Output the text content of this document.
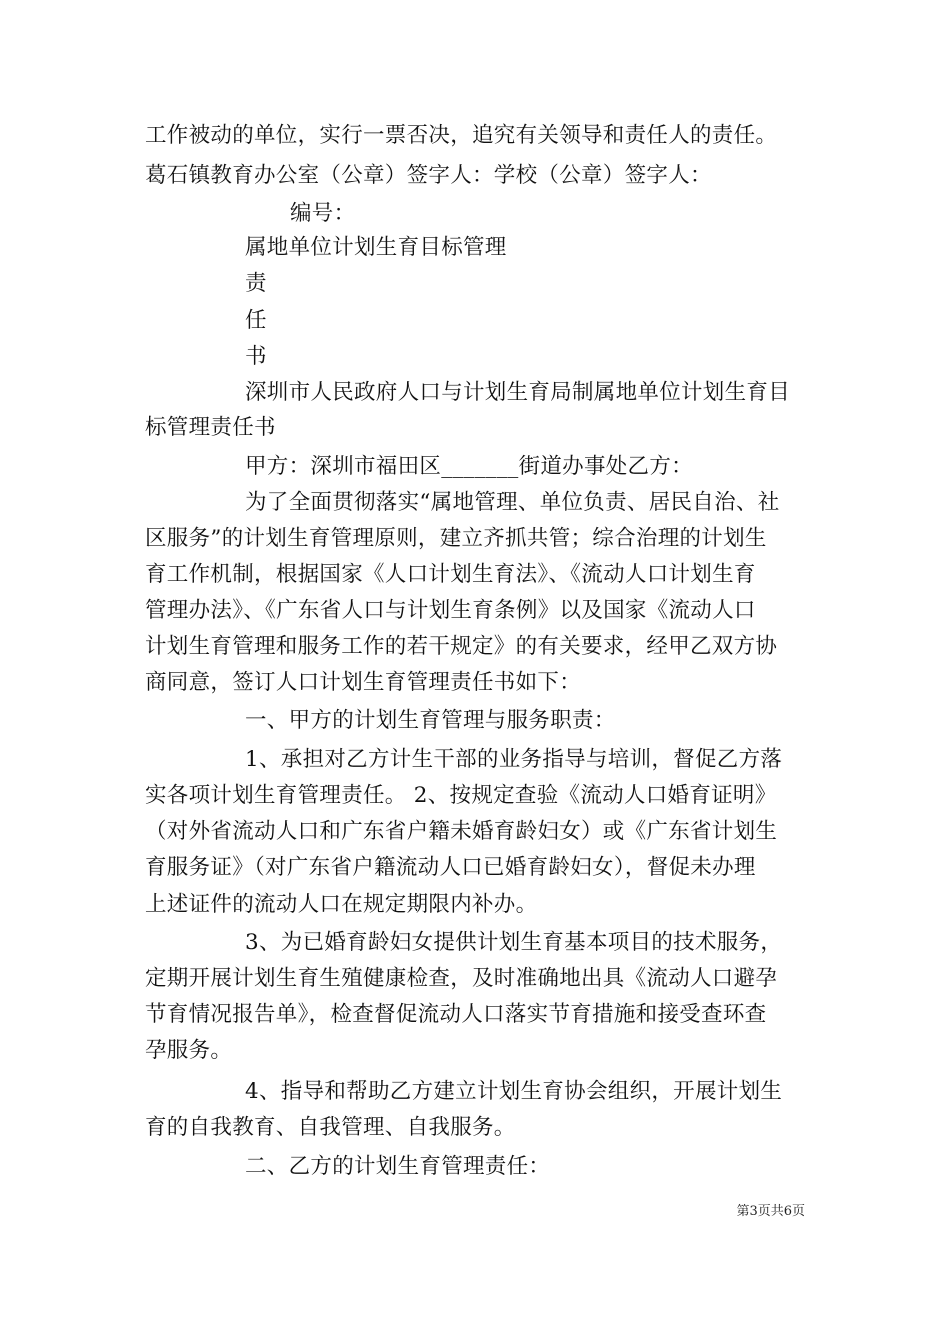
工作被动的单位，实行一票否决，追究有关领导和责任人的责任。
葛石镇教育办公室（公章）签字人：学校（公章）签字人：
编号：
属地单位计划生育目标管理
责
任
书
深圳市人民政府人口与计划生育局制属地单位计划生育目
标管理责任书
甲方：深圳市福田区_______街道办事处乙方：
为了全面贯彻落实“属地管理、单位负责、居民自治、社
区服务”的计划生育管理原则，建立齐抓共管；综合治理的计划生
育工作机制，根据国家《人口计划生育法》、《流动人口计划生育
管理办法》、《广东省人口与计划生育条例》以及国家《流动人口
计划生育管理和服务工作的若干规定》的有关要求，经甲乙双方协
商同意，签订人口计划生育管理责任书如下：
一、甲方的计划生育管理与服务职责：
1、承担对乙方计生干部的业务指导与培训，督促乙方落
实各项计划生育管理责任。 2、按规定查验《流动人口婚育证明》
（对外省流动人口和广东省户籍未婚育龄妇女）或《广东省计划生
育服务证》（对广东省户籍流动人口已婚育龄妇女），督促未办理
上述证件的流动人口在规定期限内补办。
3、为已婚育龄妇女提供计划生育基本项目的技术服务，
定期开展计划生育生殖健康检查，及时准确地出具《流动人口避孕
节育情况报告单》，检查督促流动人口落实节育措施和接受查环查
孕服务。
4、指导和帮助乙方建立计划生育协会组织，开展计划生
育的自我教育、自我管理、自我服务。
二、乙方的计划生育管理责任：
第3页共6页
